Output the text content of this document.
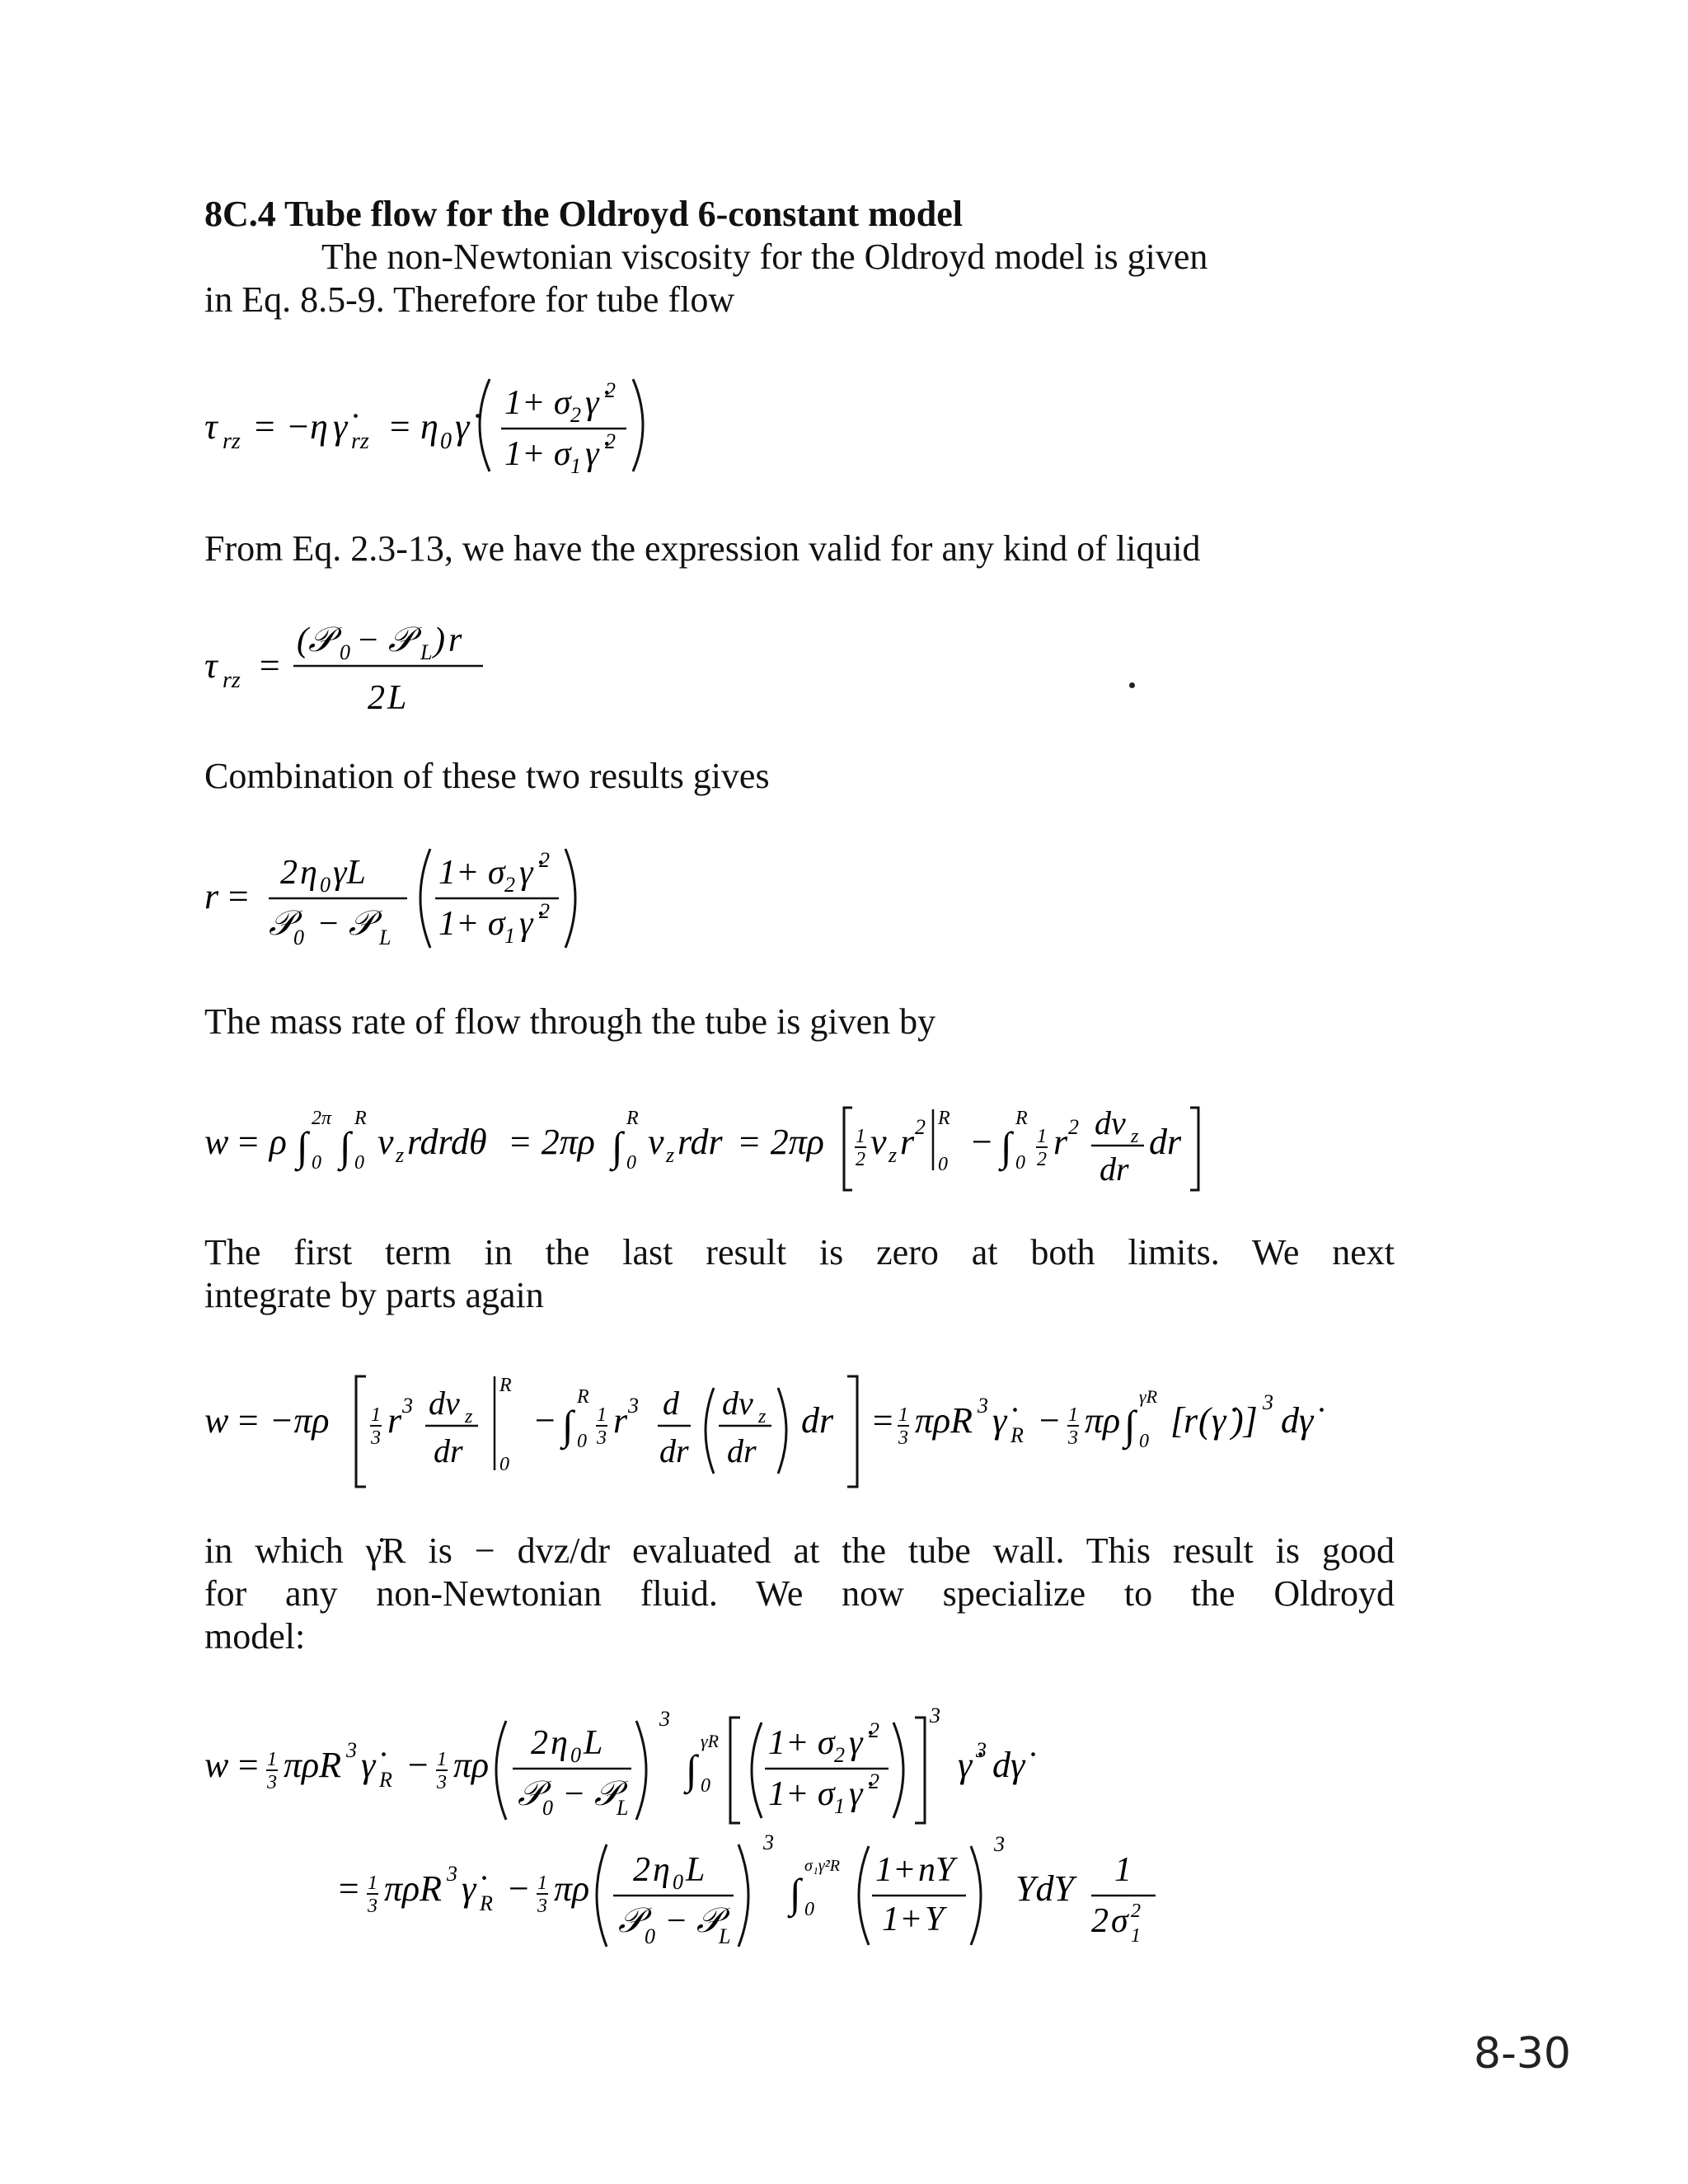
8C.4 Tube flow for the Oldroyd 6-constant model
The non-Newtonian viscosity for the Oldroyd model is given
in Eq. 8.5-9. Therefore for tube flow
τ rz = − η γ̇ rz = η 0 γ̇
1+ σ 2 γ̇ 2
1+ σ 1 γ̇ 2
From Eq. 2.3-13, we have the expression valid for any kind of liquid
τ rz =
(𝒫 0 − 𝒫 L ) r
2 L
Combination of these two results gives
r =
2 η 0 γ̇L
𝒫 0 − 𝒫 L
1+ σ 2 γ̇ 2
1+ σ 1 γ̇ 2
The mass rate of flow through the tube is given by
w = ρ ∫
2π
0 ∫
R
0
v z rdrdθ = 2πρ ∫
R
0
v z rdr = 2πρ 1
2 v z r 2 R
0
− ∫
R
0
1
2 r 2 dv z
dr
dr
The first term in the last result is zero at both limits. We next
integrate by parts again
w = −πρ 1
3 r 3 dv z
dr
R
0
− ∫
R
0
1
3 r 3 d
dr
dv z
dr
dr = 1
3 πρR 3 γ̇ R − 1
3 πρ ∫
γ̇R
0
[
r ( γ̇ )] 3 dγ̇
in which γ̇R is − dvz/dr evaluated at the tube wall. This result is good
for any non-Newtonian fluid. We now specialize to the Oldroyd
model:
w = 1
3 πρR 3 γ̇ R − 1
3 πρ
2 η 0 L
𝒫 0 − 𝒫
L
3
∫
γ̇R
0
1+ σ 2 γ̇ 2
1+ σ 1 γ̇ 2
3
γ̇ 3 dγ̇
= 1
3 πρR 3 γ̇ R − 1
3 πρ 2 η 0 L
𝒫 0 − 𝒫
L
3
∫
σ₁γ̇²R
0
1+ nY
1+ Y
3
YdY 1
2 σ 1
2
8-30
